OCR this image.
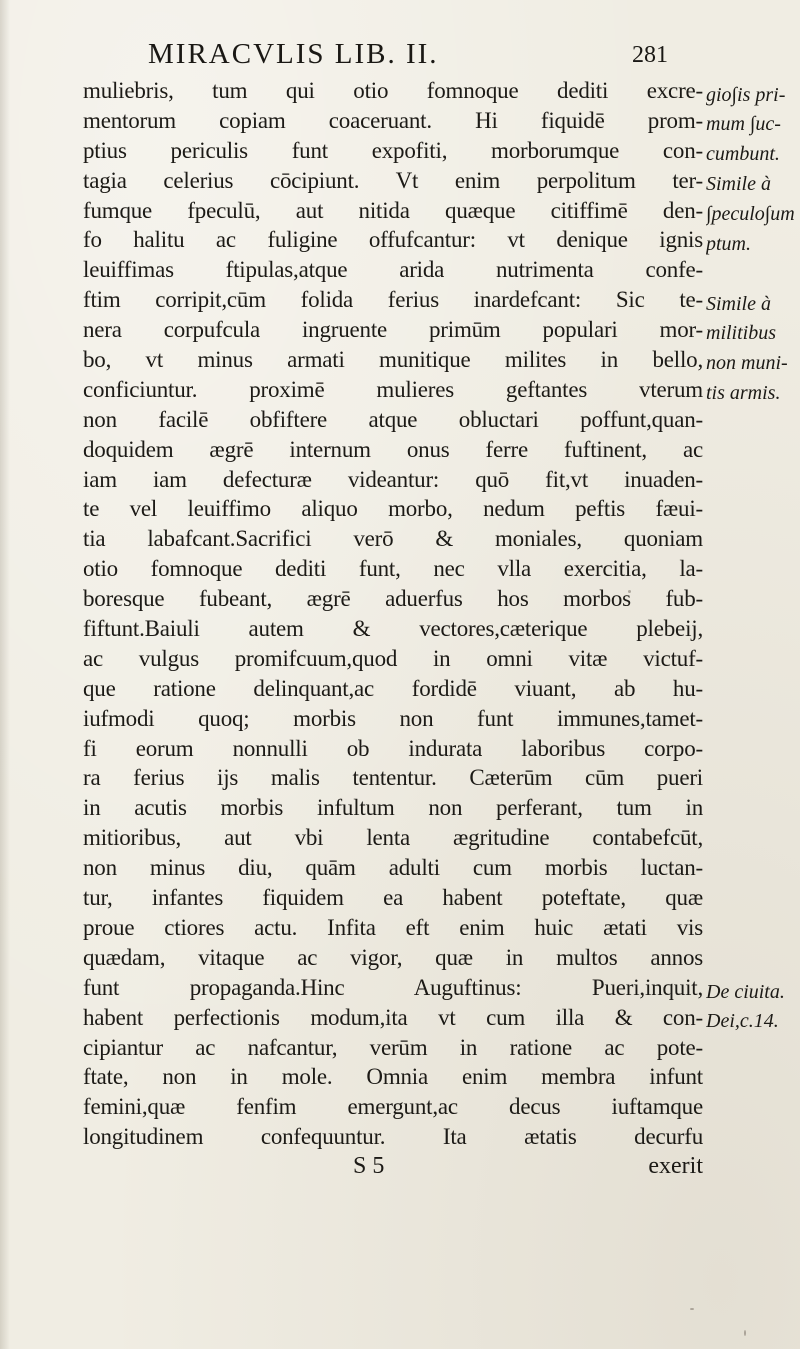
MIRACVLIS LIB. II.	281
muliebris, tum qui otio fomnoque dediti excre-
mentorum copiam coaceruant. Hi fiquidē prom-
ptius periculis funt expofiti, morborumque con-
tagia celerius cōcipiunt. Vt enim perpolitum ter-
fumque fpeculū, aut nitida quæque citiffimē den-
fo halitu ac fuligine offufcantur: vt denique ignis
leuiffimas ftipulas,atque arida nutrimenta confe-
ftim corripit,cūm folida ferius inardefcant: Sic te-
nera corpufcula ingruente primūm populari mor-
bo, vt minus armati munitique milites in bello,
conficiuntur. proximē mulieres geftantes vterum
non facilē obfiftere atque obluctari poffunt,quan-
doquidem ægrē internum onus ferre fuftinent, ac
iam iam defecturæ videantur: quō fit,vt inuaden-
te vel leuiffimo aliquo morbo, nedum peftis fæui-
tia labafcant.Sacrifici verō & moniales, quoniam
otio fomnoque dediti funt, nec vlla exercitia, la-
boresque fubeant, ægrē aduerfus hos morbos fub-
fiftunt.Baiuli autem & vectores,cæterique plebeij,
ac vulgus promifcuum,quod in omni vitæ victuf-
que ratione delinquant,ac fordidē viuant, ab hu-
iufmodi quoq; morbis non funt immunes,tamet-
fi eorum nonnulli ob indurata laboribus corpo-
ra ferius ijs malis tententur. Cæterūm cūm pueri
in acutis morbis infultum non perferant, tum in
mitioribus, aut vbi lenta ægritudine contabefcūt,
non minus diu, quām adulti cum morbis luctan-
tur, infantes fiquidem ea habent poteftate, quæ
proue ctiores actu. Infita eft enim huic ætati vis
quædam, vitaque ac vigor, quæ in multos annos
funt propaganda.Hinc Auguftinus: Pueri,inquit,
habent perfectionis modum,ita vt cum illa & con-
cipiantur ac nafcantur, verūm in ratione ac pote-
ftate, non in mole. Omnia enim membra infunt
femini,quæ fenfim emergunt,ac decus iuftamque
longitudinem confequuntur. Ita ætatis decurfu
gio∫is pri-
mum ∫uc-
cumbunt.
Simile à
∫peculo∫um
ptum.
Simile à
militibus
non muni-
tis armis.
De ciuita.
Dei,c.14.
S 5	exerit
